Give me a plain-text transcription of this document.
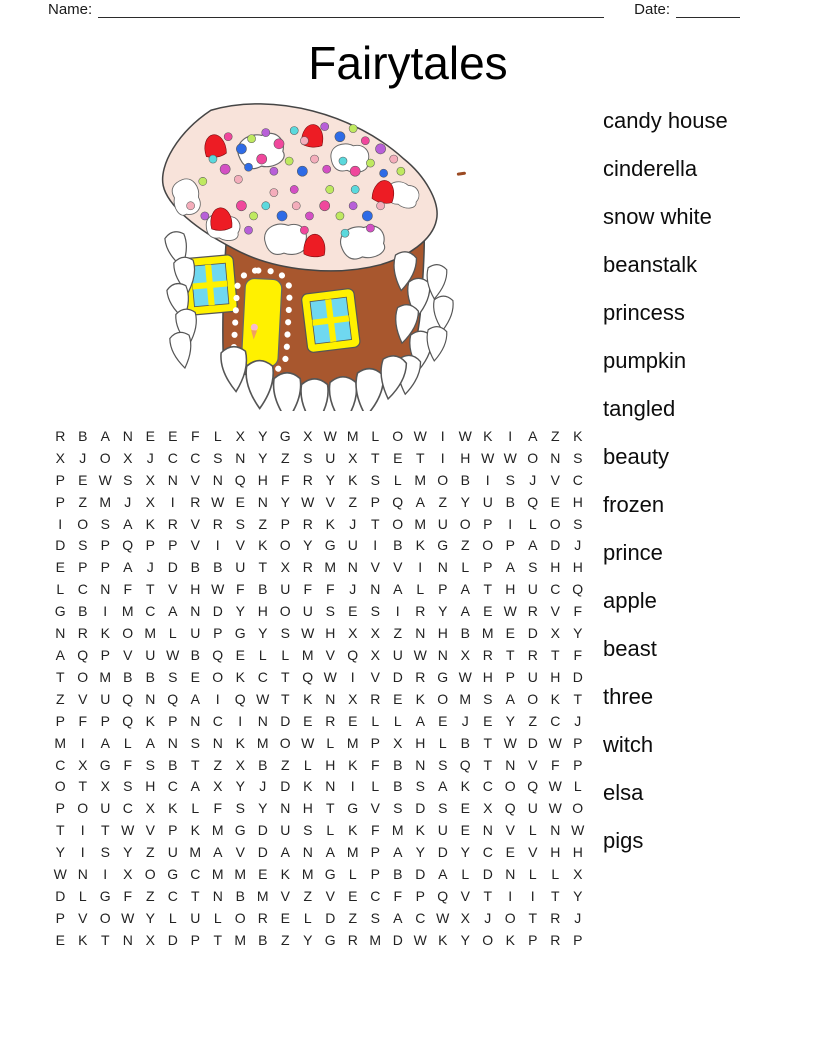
Name:	Date:
Fairytales
candy house
cinderella
snow white
beanstalk
princess
pumpkin
tangled
beauty
frozen
prince
apple
beast
three
witch
elsa
pigs
R B A N E E F L X Y G X W M L O W I W K I A Z K
X J O X J C C S N Y Z S U X T E T I H W W O N S
P E W S X N V N Q H F R Y K S L M O B I S J V C
P Z M J X I R W E N Y W V Z P Q A Z Y U B Q E H
I O S A K R V R S Z P R K J T O M U O P I L O S
D S P Q P P V I V K O Y G U I B K G Z O P A D J
E P P A J D B B U T X R M N V V I N L P A S H H
L C N F T V H W F B U F F J N A L P A T H U C Q
G B I M C A N D Y H O U S E S I R Y A E W R V F
N R K O M L U P G Y S W H X X Z N H B M E D X Y
A Q P V U W B Q E L L M V Q X U W N X R T R T F
T O M B B S E O K C T Q W I V D R G W H P U H D
Z V U Q N Q A I Q W T K N X R E K O M S A O K T
P F P Q K P N C I N D E R E L L A E J E Y Z C J
M I A L A N S N K M O W L M P X H L B T W D W P
C X G F S B T Z X B Z L H K F B N S Q T N V F P
O T X S H C A X Y J D K N I L B S A K C O Q W L
P O U C X K L F S Y N H T G V S D S E X Q U W O
T I T W V P K M G D U S L K F M K U E N V L N W
Y I S Y Z U M A V D A N A M P A Y D Y C E V H H
W N I X O G C M M E K M G L P B D A L D N L L X
D L G F Z C T N B M V Z V E C F P Q V T I I T Y
P V O W Y L U L O R E L D Z S A C W X J O T R J
E K T N X D P T M B Z Y G R M D W K Y O K P R P
